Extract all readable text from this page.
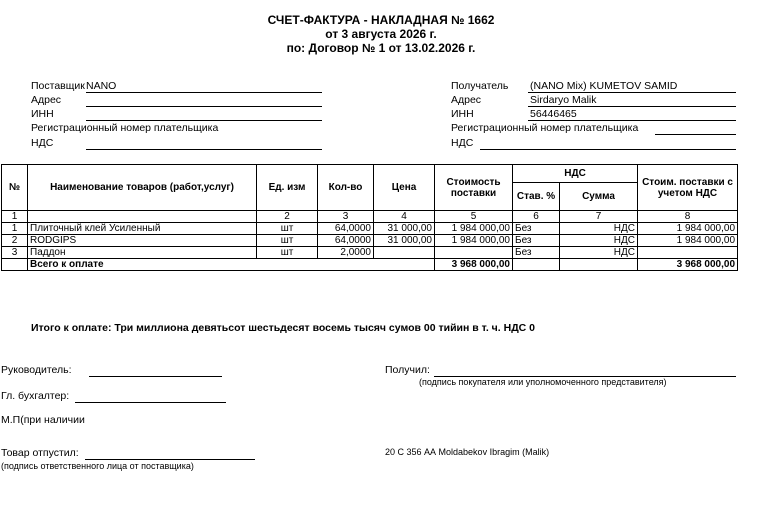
СЧЕТ-ФАКТУРА - НАКЛАДНАЯ № 1662
от 3 августа 2026 г.
по: Договор № 1 от 13.02.2026 г.
Поставщик NANO
Адрес
ИНН
Регистрационный номер плательщика
НДС
Получатель (NANO Mix) KUMETOV SAMID
Адрес	Sirdaryo Malik
ИНН	56446465
Регистрационный номер плательщика
НДС
№	Наименование товаров (работ,услуг)	Ед. изм	Кол-во	Цена	Стоимость поставки	НДС		Стоим. поставки с учетом НДС
						Став. %	Сумма	
1		2	3	4	5	6	7	8
1	Плиточный клей Усиленный	шт	64,0000	31 000,00	1 984 000,00	Без	НДС	1 984 000,00
2	RODGIPS	шт	64,0000	31 000,00	1 984 000,00	Без	НДС	1 984 000,00
3	Паддон	шт	2,0000			Без	НДС	
	Всего к оплате				3 968 000,00			3 968 000,00
Итого к оплате: Три миллиона девятьсот шестьдесят восемь тысяч сумов 00 тийин в т. ч. НДС 0
Руководитель:
Гл. бухгалтер:
М.П(при наличии
Товар отпустил:
(подпись ответственного лица от поставщика)
Получил:
(подпись покупателя или уполномоченного представителя)
20 С 356 АА Moldabekov Ibragim (Malik)
